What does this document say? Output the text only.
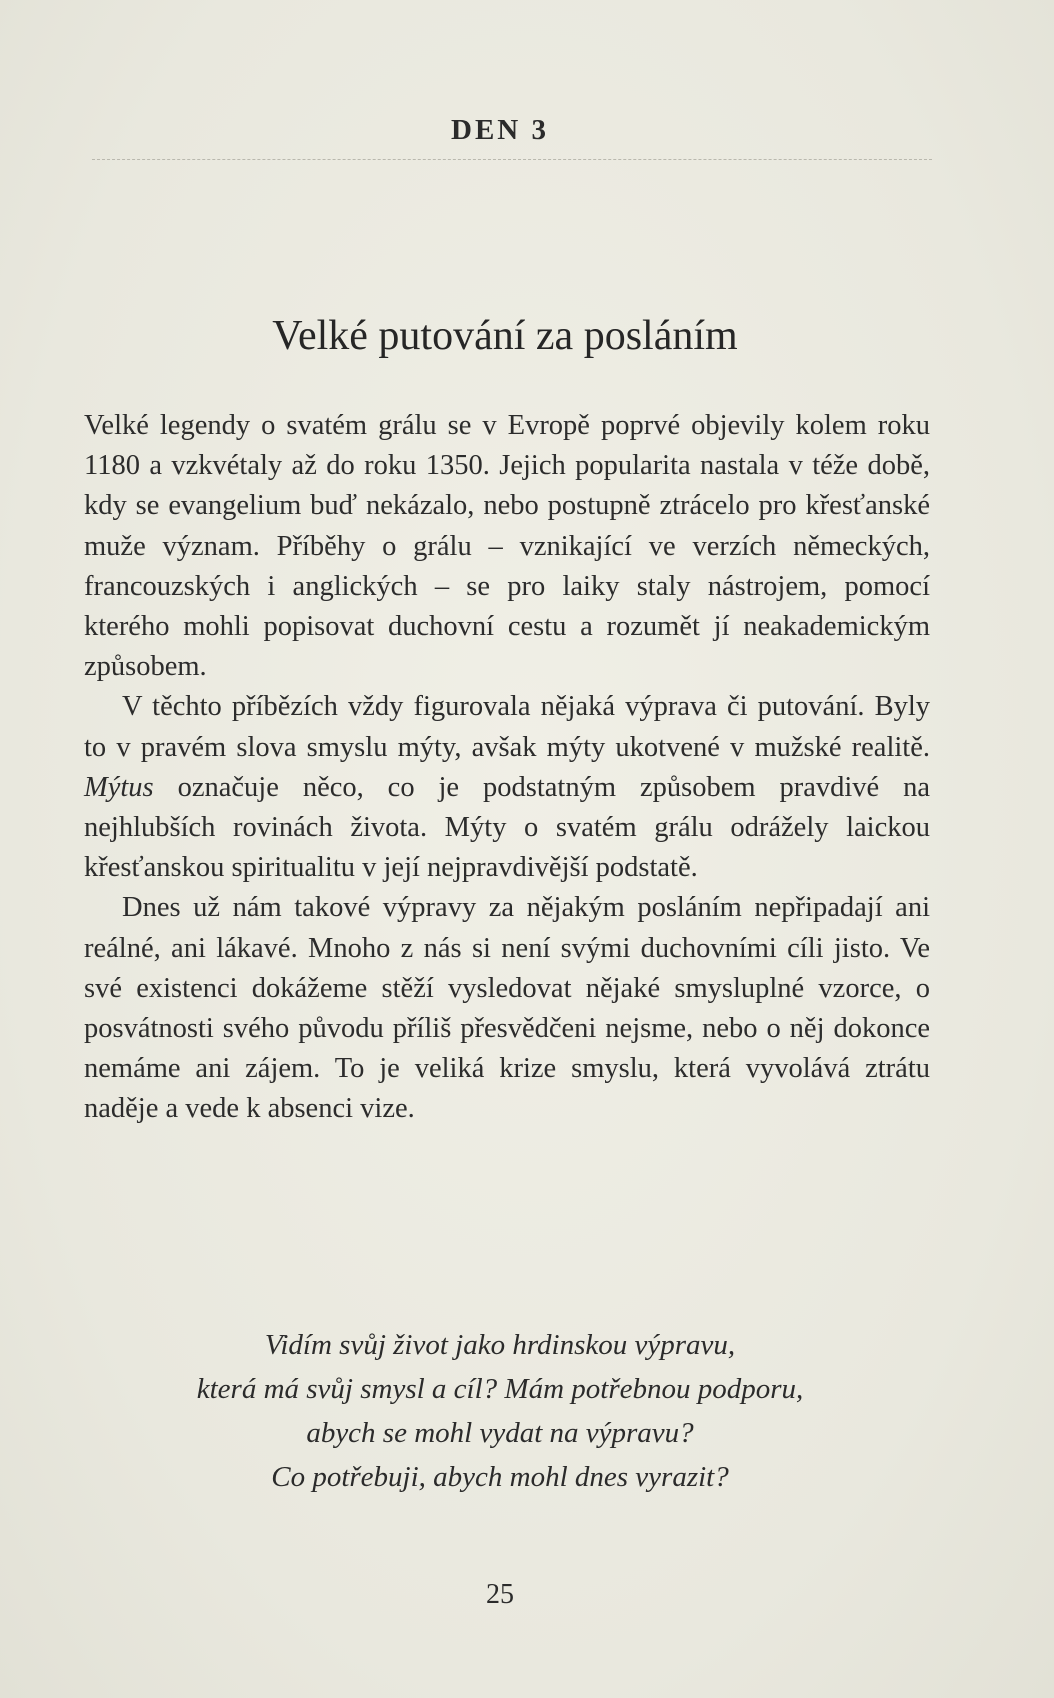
DEN 3
Velké putování za posláním

Velké legendy o svatém grálu se v Evropě poprvé objevily kolem roku 1180 a vzkvétaly až do roku 1350. Jejich popularita nastala v téže době, kdy se evangelium buď nekázalo, nebo postupně ztrácelo pro křesťanské muže význam. Příběhy o grálu – vznikající ve verzích německých, francouzských i anglických – se pro laiky staly nástrojem, pomocí kterého mohli popisovat duchovní cestu a rozumět jí neakademickým způsobem.

V těchto příbězích vždy figurovala nějaká výprava či putování. Byly to v pravém slova smyslu mýty, avšak mýty ukotvené v mužské realitě. Mýtus označuje něco, co je podstatným způsobem pravdivé na nejhlubších rovinách života. Mýty o svatém grálu odrážely laickou křesťanskou spiritualitu v její nejpravdivější podstatě.

Dnes už nám takové výpravy za nějakým posláním nepřipadají ani reálné, ani lákavé. Mnoho z nás si není svými duchovními cíli jisto. Ve své existenci dokážeme stěží vysledovat nějaké smysluplné vzorce, o posvátnosti svého původu příliš přesvědčeni nejsme, nebo o něj dokonce nemáme ani zájem. To je veliká krize smyslu, která vyvolává ztrátu naděje a vede k absenci vize.

Vidím svůj život jako hrdinskou výpravu,
která má svůj smysl a cíl? Mám potřebnou podporu,
abych se mohl vydat na výpravu?
Co potřebuji, abych mohl dnes vyrazit?
25
